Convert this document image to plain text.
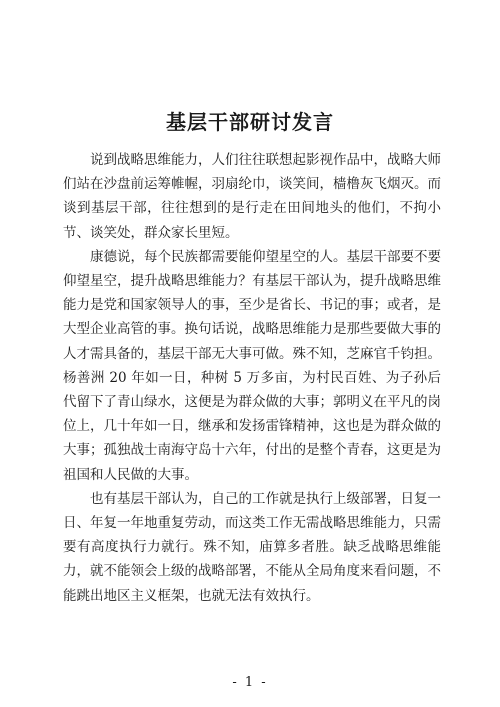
基层干部研讨发言

说到战略思维能力，人们往往联想起影视作品中，战略大师们站在沙盘前运筹帷幄，羽扇纶巾，谈笑间，樯橹灰飞烟灭。而谈到基层干部，往往想到的是行走在田间地头的他们，不拘小节、谈笑处，群众家长里短。

康德说，每个民族都需要能仰望星空的人。基层干部要不要仰望星空，提升战略思维能力？有基层干部认为，提升战略思维能力是党和国家领导人的事，至少是省长、书记的事；或者，是大型企业高管的事。换句话说，战略思维能力是那些要做大事的人才需具备的，基层干部无大事可做。殊不知，芝麻官千钧担。杨善洲 20 年如一日，种树 5 万多亩，为村民百姓、为子孙后代留下了青山绿水，这便是为群众做的大事；郭明义在平凡的岗位上，几十年如一日，继承和发扬雷锋精神，这也是为群众做的大事；孤独战士南海守岛十六年，付出的是整个青春，这更是为祖国和人民做的大事。

也有基层干部认为，自己的工作就是执行上级部署，日复一日、年复一年地重复劳动，而这类工作无需战略思维能力，只需要有高度执行力就行。殊不知，庙算多者胜。缺乏战略思维能力，就不能领会上级的战略部署，不能从全局角度来看问题，不能跳出地区主义框架，也就无法有效执行。

- 1 -
